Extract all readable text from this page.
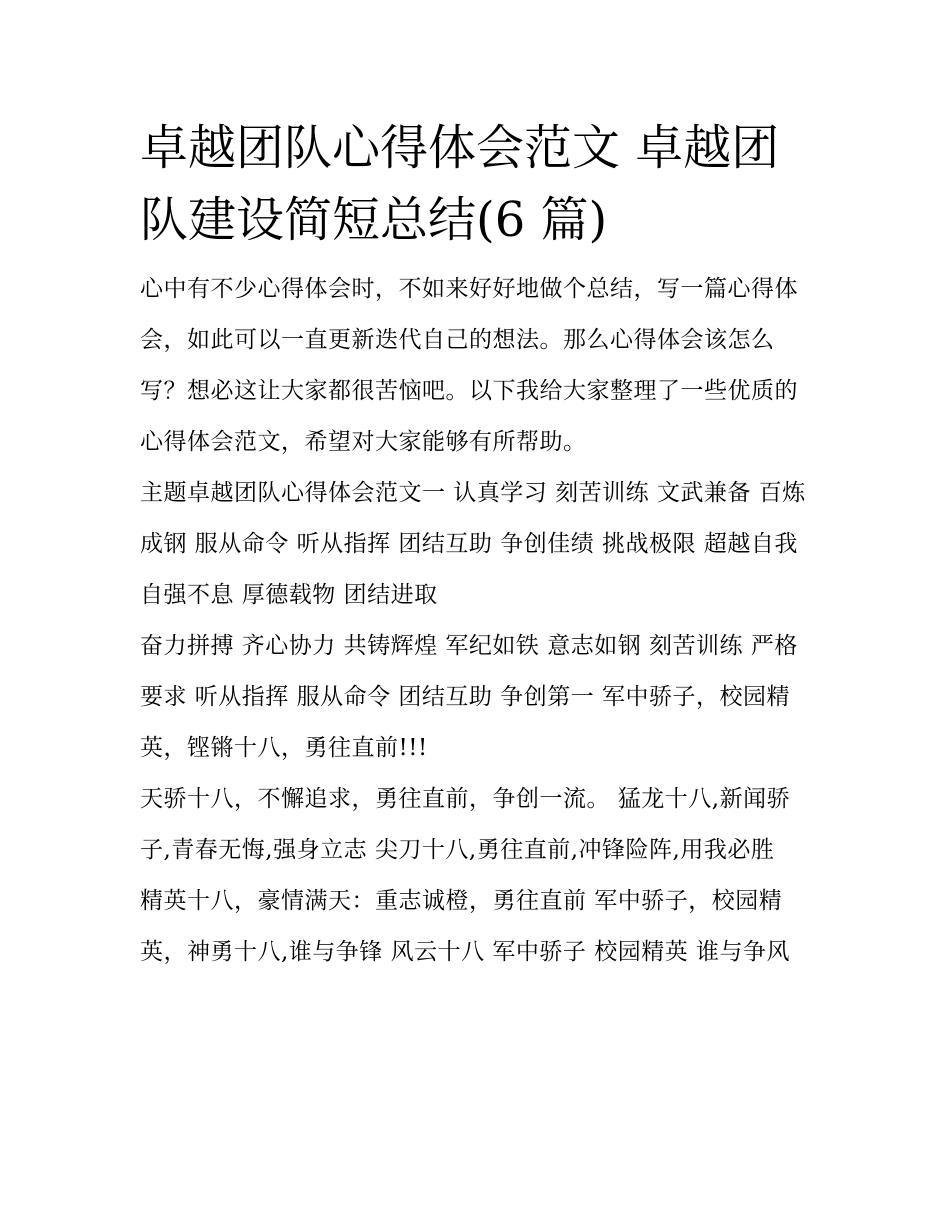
卓越团队心得体会范文 卓越团队建设简短总结(6 篇)

心中有不少心得体会时，不如来好好地做个总结，写一篇心得体会，如此可以一直更新迭代自己的想法。那么心得体会该怎么写？想必这让大家都很苦恼吧。以下我给大家整理了一些优质的心得体会范文，希望对大家能够有所帮助。

主题卓越团队心得体会范文一 认真学习 刻苦训练 文武兼备 百炼成钢 服从命令 听从指挥 团结互助 争创佳绩 挑战极限 超越自我 自强不息 厚德载物 团结进取

奋力拼搏 齐心协力 共铸辉煌 军纪如铁 意志如钢 刻苦训练 严格要求 听从指挥 服从命令 团结互助 争创第一 军中骄子，校园精英，铿锵十八，勇往直前!!!

天骄十八，不懈追求，勇往直前，争创一流。 猛龙十八,新闻骄子,青春无悔,强身立志 尖刀十八,勇往直前,冲锋险阵,用我必胜

精英十八，豪情满天：重志诚橙，勇往直前 军中骄子，校园精英，神勇十八,谁与争锋 风云十八 军中骄子 校园精英 谁与争风
